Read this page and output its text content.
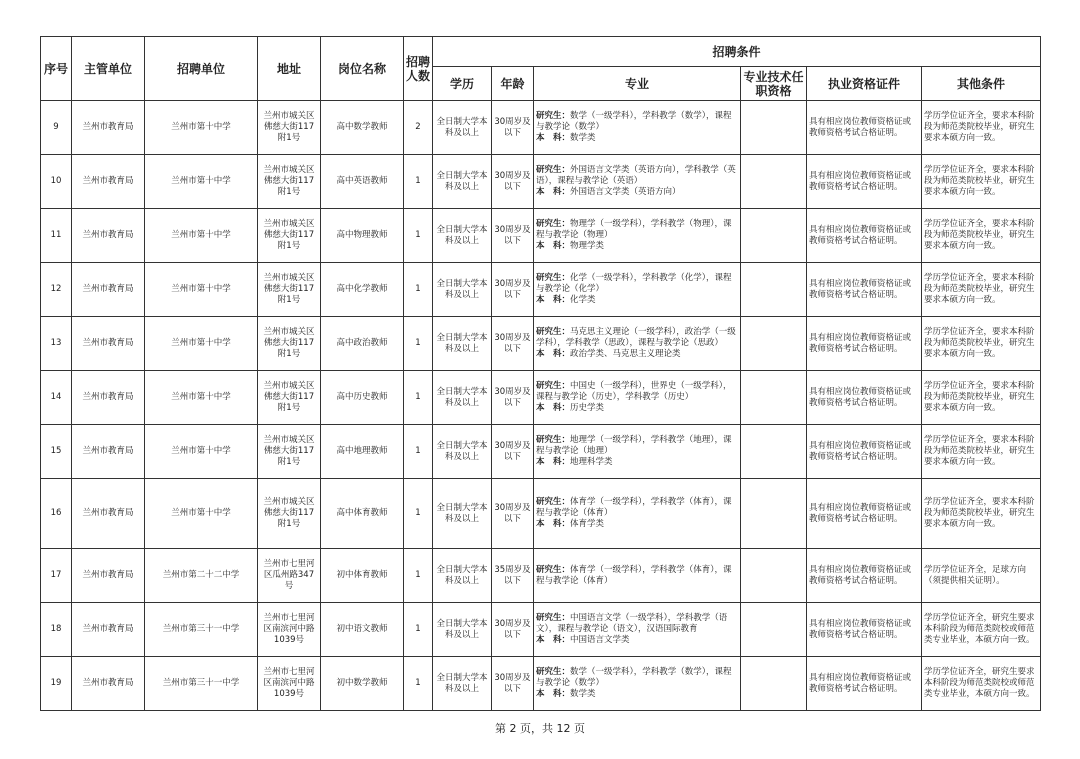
序号	主管单位	招聘单位	地址	岗位名称	招聘人数	招聘条件					
						学历	年龄	专业	专业技术任职资格	执业资格证件	其他条件
9	兰州市教育局	兰州市第十中学	兰州市城关区佛慈大街117附1号	高中数学教师	2	全日制大学本科及以上	30周岁及以下	研究生：数学（一级学科），学科教学（数学），课程与教学论（数学）
本　科：数学类		具有相应岗位教师资格证或教师资格考试合格证明。	学历学位证齐全，要求本科阶段为师范类院校毕业，研究生要求本硕方向一致。
10	兰州市教育局	兰州市第十中学	兰州市城关区佛慈大街117附1号	高中英语教师	1	全日制大学本科及以上	30周岁及以下	研究生：外国语言文学类（英语方向），学科教学（英语），课程与教学论（英语）
本　科：外国语言文学类（英语方向）		具有相应岗位教师资格证或教师资格考试合格证明。	学历学位证齐全，要求本科阶段为师范类院校毕业，研究生要求本硕方向一致。
11	兰州市教育局	兰州市第十中学	兰州市城关区佛慈大街117附1号	高中物理教师	1	全日制大学本科及以上	30周岁及以下	研究生：物理学（一级学科），学科教学（物理），课程与教学论（物理）
本　科：物理学类		具有相应岗位教师资格证或教师资格考试合格证明。	学历学位证齐全，要求本科阶段为师范类院校毕业，研究生要求本硕方向一致。
12	兰州市教育局	兰州市第十中学	兰州市城关区佛慈大街117附1号	高中化学教师	1	全日制大学本科及以上	30周岁及以下	研究生：化学（一级学科），学科教学（化学），课程与教学论（化学）
本　科：化学类		具有相应岗位教师资格证或教师资格考试合格证明。	学历学位证齐全，要求本科阶段为师范类院校毕业，研究生要求本硕方向一致。
13	兰州市教育局	兰州市第十中学	兰州市城关区佛慈大街117附1号	高中政治教师	1	全日制大学本科及以上	30周岁及以下	研究生：马克思主义理论（一级学科），政治学（一级学科），学科教学（思政），课程与教学论（思政）
本　科：政治学类、马克思主义理论类		具有相应岗位教师资格证或教师资格考试合格证明。	学历学位证齐全，要求本科阶段为师范类院校毕业，研究生要求本硕方向一致。
14	兰州市教育局	兰州市第十中学	兰州市城关区佛慈大街117附1号	高中历史教师	1	全日制大学本科及以上	30周岁及以下	研究生：中国史（一级学科），世界史（一级学科），课程与教学论（历史），学科教学（历史）
本　科：历史学类		具有相应岗位教师资格证或教师资格考试合格证明。	学历学位证齐全，要求本科阶段为师范类院校毕业，研究生要求本硕方向一致。
15	兰州市教育局	兰州市第十中学	兰州市城关区佛慈大街117附1号	高中地理教师	1	全日制大学本科及以上	30周岁及以下	研究生：地理学（一级学科），学科教学（地理），课程与教学论（地理）
本　科：地理科学类		具有相应岗位教师资格证或教师资格考试合格证明。	学历学位证齐全，要求本科阶段为师范类院校毕业，研究生要求本硕方向一致。
16	兰州市教育局	兰州市第十中学	兰州市城关区佛慈大街117附1号	高中体育教师	1	全日制大学本科及以上	30周岁及以下	研究生：体育学（一级学科），学科教学（体育），课程与教学论（体育）
本　科：体育学类		具有相应岗位教师资格证或教师资格考试合格证明。	学历学位证齐全，要求本科阶段为师范类院校毕业，研究生要求本硕方向一致。
17	兰州市教育局	兰州市第二十二中学	兰州市七里河区瓜州路347号	初中体育教师	1	全日制大学本科及以上	35周岁及以下	研究生：体育学（一级学科），学科教学（体育），课程与教学论（体育）		具有相应岗位教师资格证或教师资格考试合格证明。	学历学位证齐全，足球方向（须提供相关证明）。
18	兰州市教育局	兰州市第三十一中学	兰州市七里河区南滨河中路1039号	初中语文教师	1	全日制大学本科及以上	30周岁及以下	研究生：中国语言文学（一级学科），学科教学（语文），课程与教学论（语文），汉语国际教育
本　科：中国语言文学类		具有相应岗位教师资格证或教师资格考试合格证明。	学历学位证齐全，研究生要求本科阶段为师范类院校或师范类专业毕业，本硕方向一致。
19	兰州市教育局	兰州市第三十一中学	兰州市七里河区南滨河中路1039号	初中数学教师	1	全日制大学本科及以上	30周岁及以下	研究生：数学（一级学科），学科教学（数学），课程与教学论（数学）
本　科：数学类		具有相应岗位教师资格证或教师资格考试合格证明。	学历学位证齐全，研究生要求本科阶段为师范类院校或师范类专业毕业，本硕方向一致。
第 2 页，共 12 页
